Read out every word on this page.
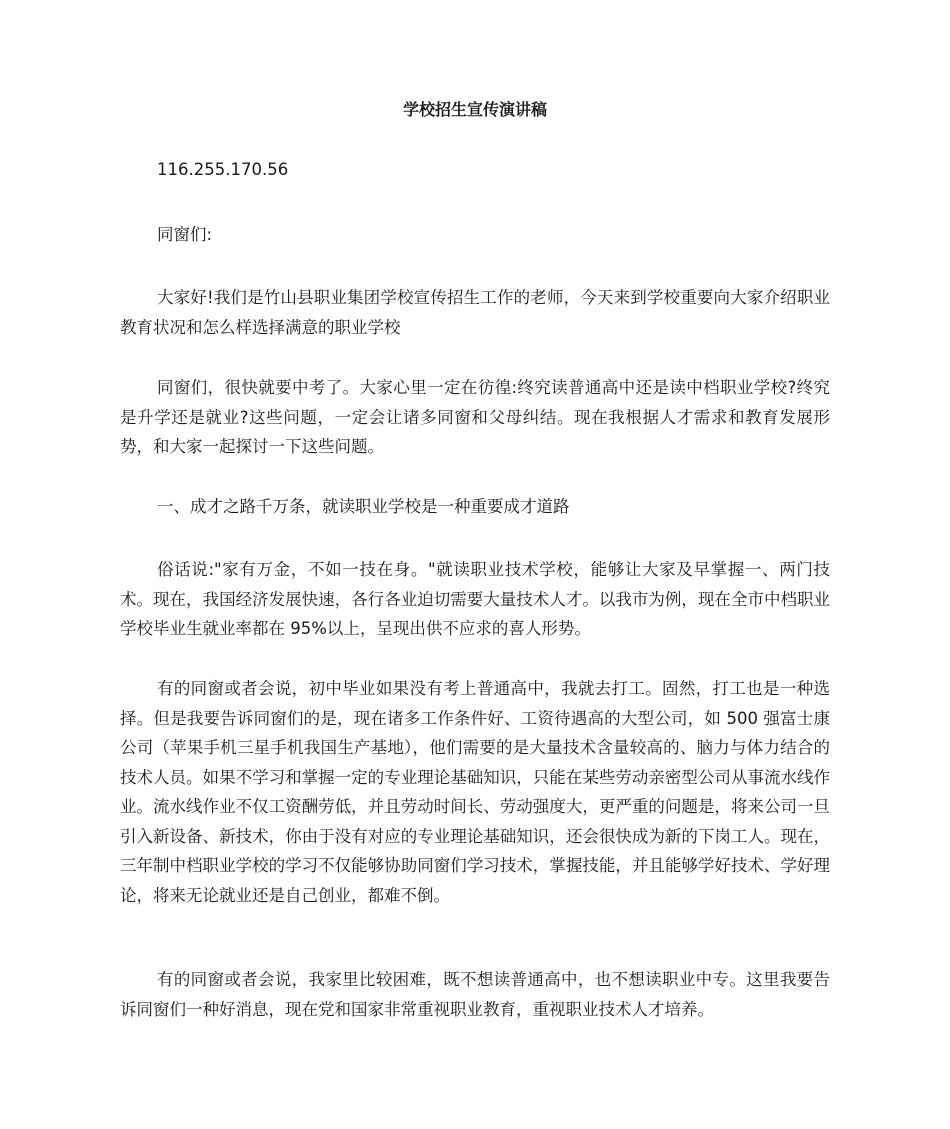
学校招生宣传演讲稿

116.255.170.56

同窗们:

大家好!我们是竹山县职业集团学校宣传招生工作的老师，今天来到学校重要向大家介绍职业教育状况和怎么样选择满意的职业学校

同窗们，很快就要中考了。大家心里一定在彷徨:终究读普通高中还是读中档职业学校?终究是升学还是就业?这些问题，一定会让诸多同窗和父母纠结。现在我根据人才需求和教育发展形势，和大家一起探讨一下这些问题。

一、成才之路千万条，就读职业学校是一种重要成才道路

俗话说:"家有万金，不如一技在身。"就读职业技术学校，能够让大家及早掌握一、两门技术。现在，我国经济发展快速，各行各业迫切需要大量技术人才。以我市为例，现在全市中档职业学校毕业生就业率都在 95%以上，呈现出供不应求的喜人形势。

有的同窗或者会说，初中毕业如果没有考上普通高中，我就去打工。固然，打工也是一种选择。但是我要告诉同窗们的是，现在诸多工作条件好、工资待遇高的大型公司，如 500 强富士康公司（苹果手机三星手机我国生产基地），他们需要的是大量技术含量较高的、脑力与体力结合的技术人员。如果不学习和掌握一定的专业理论基础知识，只能在某些劳动亲密型公司从事流水线作业。流水线作业不仅工资酬劳低，并且劳动时间长、劳动强度大，更严重的问题是，将来公司一旦引入新设备、新技术，你由于没有对应的专业理论基础知识，还会很快成为新的下岗工人。现在，三年制中档职业学校的学习不仅能够协助同窗们学习技术，掌握技能，并且能够学好技术、学好理论，将来无论就业还是自己创业，都难不倒。

有的同窗或者会说，我家里比较困难，既不想读普通高中，也不想读职业中专。这里我要告诉同窗们一种好消息，现在党和国家非常重视职业教育，重视职业技术人才培养。
